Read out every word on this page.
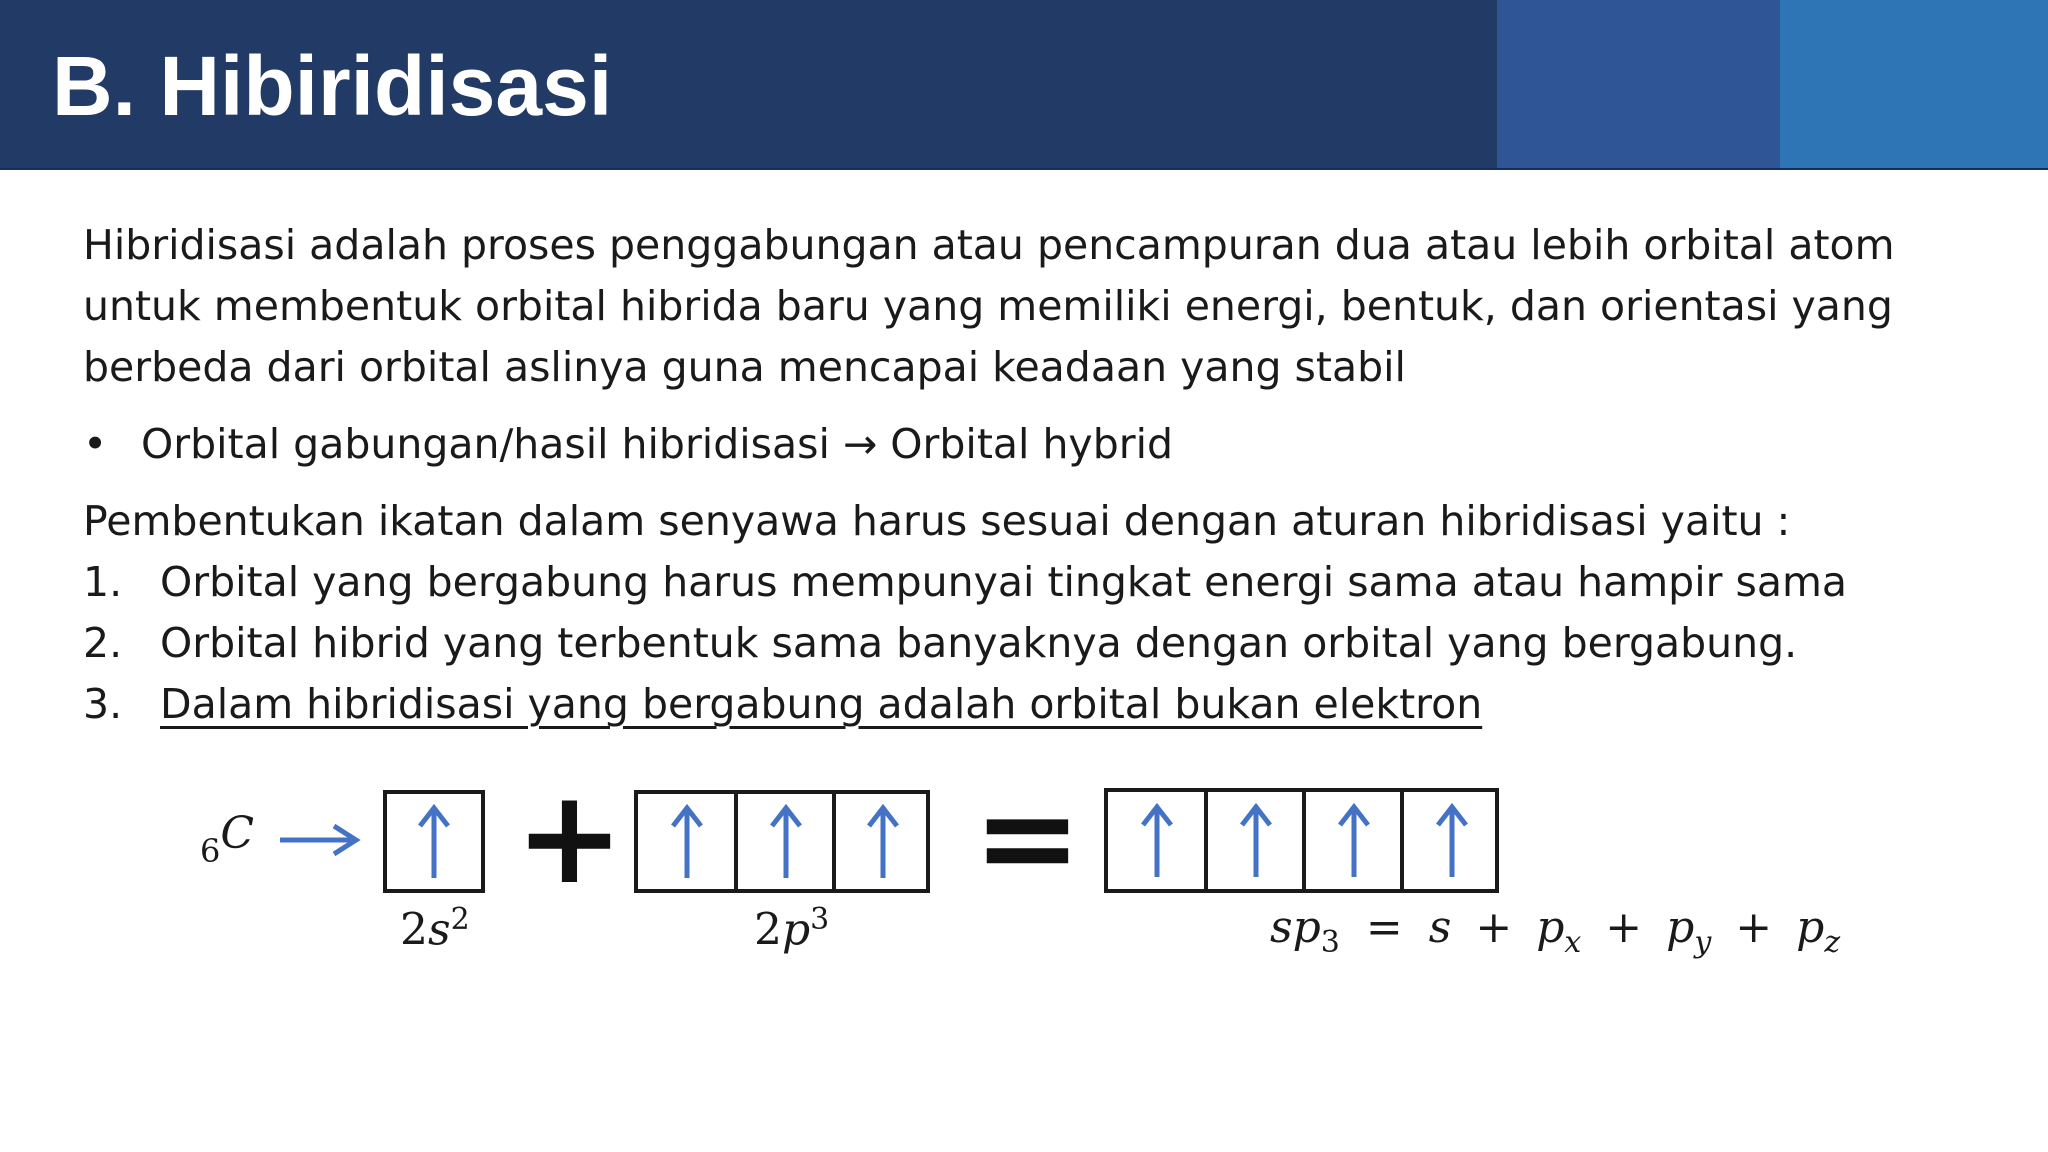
B. Hibiridisasi

Hibridisasi adalah proses penggabungan atau pencampuran dua atau lebih orbital atom untuk membentuk orbital hibrida baru yang memiliki energi, bentuk, dan orientasi yang berbeda dari orbital aslinya guna mencapai keadaan yang stabil

• Orbital gabungan/hasil hibridisasi → Orbital hybrid

Pembentukan ikatan dalam senyawa harus sesuai dengan aturan hibridisasi yaitu :

1. Orbital yang bergabung harus mempunyai tingkat energi sama atau hampir sama
2. Orbital hibrid yang terbentuk sama banyaknya dengan orbital yang bergabung.
3. Dalam hibridisasi yang bergabung adalah orbital bukan elektron
$_6$C
$2s^2$
+
$2p^3$
=
$sp_3 = s + p_x + p_y + p_z$
